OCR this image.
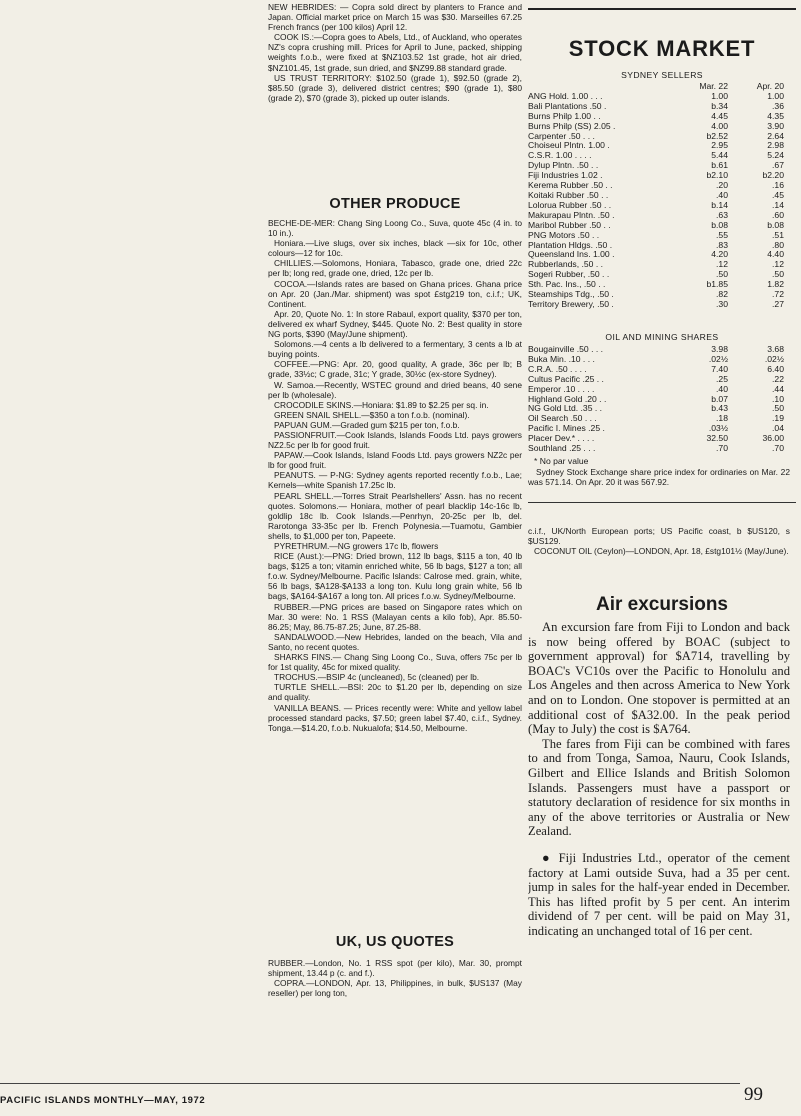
NEW HEBRIDES: — Copra sold direct by planters to France and Japan. Official market price on March 15 was $30. Marseilles 67.25 French francs (per 100 kilos) April 12.

COOK IS.:—Copra goes to Abels, Ltd., of Auckland, who operates NZ's copra crushing mill. Prices for April to June, packed, shipping weights f.o.b., were fixed at $NZ103.52 1st grade, hot air dried, $NZ101.45, 1st grade, sun dried, and $NZ99.88 standard grade.

US TRUST TERRITORY: $102.50 (grade 1), $92.50 (grade 2), $85.50 (grade 3), delivered district centres; $90 (grade 1), $80 (grade 2), $70 (grade 3), picked up outer islands.

OTHER PRODUCE

BECHE-DE-MER: Chang Sing Loong Co., Suva, quote 45c (4 in. to 10 in.).

Honiara.—Live slugs, over six inches, black —six for 10c, other colours—12 for 10c.

CHILLIES.—Solomons, Honiara, Tabasco, grade one, dried 22c per lb; long red, grade one, dried, 12c per lb.

COCOA.—Islands rates are based on Ghana prices. Ghana price on Apr. 20 (Jan./Mar. shipment) was spot £stg219 ton, c.i.f.; UK, Continent.

Apr. 20, Quote No. 1: In store Rabaul, export quality, $370 per ton, delivered ex wharf Sydney, $445. Quote No. 2: Best quality in store NG ports, $390 (May/June shipment).

Solomons.—4 cents a lb delivered to a fermentary, 3 cents a lb at buying points.

COFFEE.—PNG: Apr. 20, good quality, A grade, 36c per lb; B grade, 33½c; C grade, 31c; Y grade, 30½c (ex-store Sydney).

W. Samoa.—Recently, WSTEC ground and dried beans, 40 sene per lb (wholesale).

CROCODILE SKINS.—Honiara: $1.89 to $2.25 per sq. in.

GREEN SNAIL SHELL.—$350 a ton f.o.b. (nominal).

PAPUAN GUM.—Graded gum $215 per ton, f.o.b.

PASSIONFRUIT.—Cook Islands, Islands Foods Ltd. pays growers NZ2.5c per lb for good fruit.

PAPAW.—Cook Islands, Island Foods Ltd. pays growers NZ2c per lb for good fruit.

PEANUTS. — P-NG: Sydney agents reported recently f.o.b., Lae; Kernels—white Spanish 17.25c lb.

PEARL SHELL.—Torres Strait Pearlshellers' Assn. has no recent quotes. Solomons.— Honiara, mother of pearl blacklip 14c-16c lb, goldlip 18c lb. Cook Islands.—Penrhyn, 20-25c per lb, del. Rarotonga 33-35c per lb. French Polynesia.—Tuamotu, Gambier shells, to $1,000 per ton, Papeete.

PYRETHRUM.—NG growers 17c lb, flowers

RICE (Aust.):—PNG: Dried brown, 112 lb bags, $115 a ton, 40 lb bags, $125 a ton; vitamin enriched white, 56 lb bags, $127 a ton; all f.o.w. Sydney/Melbourne. Pacific Islands: Calrose med. grain, white, 56 lb bags, $A128-$A133 a long ton. Kulu long grain white, 56 lb bags, $A164-$A167 a long ton. All prices f.o.w. Sydney/Melbourne.

RUBBER.—PNG prices are based on Singapore rates which on Mar. 30 were: No. 1 RSS (Malayan cents a kilo fob), Apr. 85.50-86.25; May, 86.75-87.25; June, 87.25-88.

SANDALWOOD.—New Hebrides, landed on the beach, Vila and Santo, no recent quotes.

SHARKS FINS.— Chang Sing Loong Co., Suva, offers 75c per lb for 1st quality, 45c for mixed quality.

TROCHUS.—BSIP 4c (uncleaned), 5c (cleaned) per lb.

TURTLE SHELL.—BSI: 20c to $1.20 per lb, depending on size and quality.

VANILLA BEANS. — Prices recently were: White and yellow label processed standard packs, $7.50; green label $7.40, c.i.f., Sydney. Tonga.—$14.20, f.o.b. Nukualofa; $14.50, Melbourne.

UK, US QUOTES

RUBBER.—London, No. 1 RSS spot (per kilo), Mar. 30, prompt shipment, 13.44 p (c. and f.).

COPRA.—LONDON, Apr. 13, Philippines, in bulk, $US137 (May reseller) per long ton,

STOCK MARKET
SYDNEY SELLERS
	Mar. 22	Apr. 20
ANG Hold. 1.00 . . .	1.00	1.00
Bali Plantations .50 .	b.34	.36
Burns Philp 1.00 . .	4.45	4.35
Burns Philp (SS) 2.05 .	4.00	3.90
Carpenter .50 . . .	b2.52	2.64
Choiseul Plntn. 1.00 .	2.95	2.98
C.S.R. 1.00 . . . .	5.44	5.24
Dylup Plntn. .50 . .	b.61	.67
Fiji Industries 1.02 .	b2.10	b2.20
Kerema Rubber .50 . .	.20	.16
Koitaki Rubber .50 . .	.40	.45
Lolorua Rubber .50 . .	b.14	.14
Makurapau Plntn. .50 .	.63	.60
Maribol Rubber .50 . .	b.08	b.08
PNG Motors .50 . .	.55	.51
Plantation Hldgs. .50 .	.83	.80
Queensland Ins. 1.00 .	4.20	4.40
Rubberlands, .50 . .	.12	.12
Sogeri Rubber, .50 . .	.50	.50
Sth. Pac. Ins., .50 . .	b1.85	1.82
Steamships Tdg., .50 .	.82	.72
Territory Brewery, .50 .	.30	.27
OIL AND MINING SHARES
Bougainville .50 . . .	3.98	3.68
Buka Min. .10 . . .	.02½	.02½
C.R.A. .50 . . . .	7.40	6.40
Cultus Pacific .25 . .	.25	.22
Emperor .10 . . . .	.40	.44
Highland Gold .20 . .	b.07	.10
NG Gold Ltd. .35 . .	b.43	.50
Oil Search .50 . . .	.18	.19
Pacific I. Mines .25 .	.03½	.04
Placer Dev.* . . . .	32.50	36.00
Southland .25 . . .	.70	.70
* No par value

Sydney Stock Exchange share price index for ordinaries on Mar. 22 was 571.14. On Apr. 20 it was 567.92.

c.i.f., UK/North European ports; US Pacific coast, b $US120, s $US129.

COCONUT OIL (Ceylon)—LONDON, Apr. 18, £stg101½ (May/June).

Air excursions

An excursion fare from Fiji to London and back is now being offered by BOAC (subject to government approval) for $A714, travelling by BOAC's VC10s over the Pacific to Honolulu and Los Angeles and then across America to New York and on to London. One stopover is permitted at an additional cost of $A32.00. In the peak period (May to July) the cost is $A764.

The fares from Fiji can be combined with fares to and from Tonga, Samoa, Nauru, Cook Islands, Gilbert and Ellice Islands and British Solomon Islands. Passengers must have a passport or statutory declaration of residence for six months in any of the above territories or Australia or New Zealand.

● Fiji Industries Ltd., operator of the cement factory at Lami outside Suva, had a 35 per cent. jump in sales for the half-year ended in December. This has lifted profit by 5 per cent. An interim dividend of 7 per cent. will be paid on May 31, indicating an unchanged total of 16 per cent.

PACIFIC ISLANDS MONTHLY—MAY, 1972	99
